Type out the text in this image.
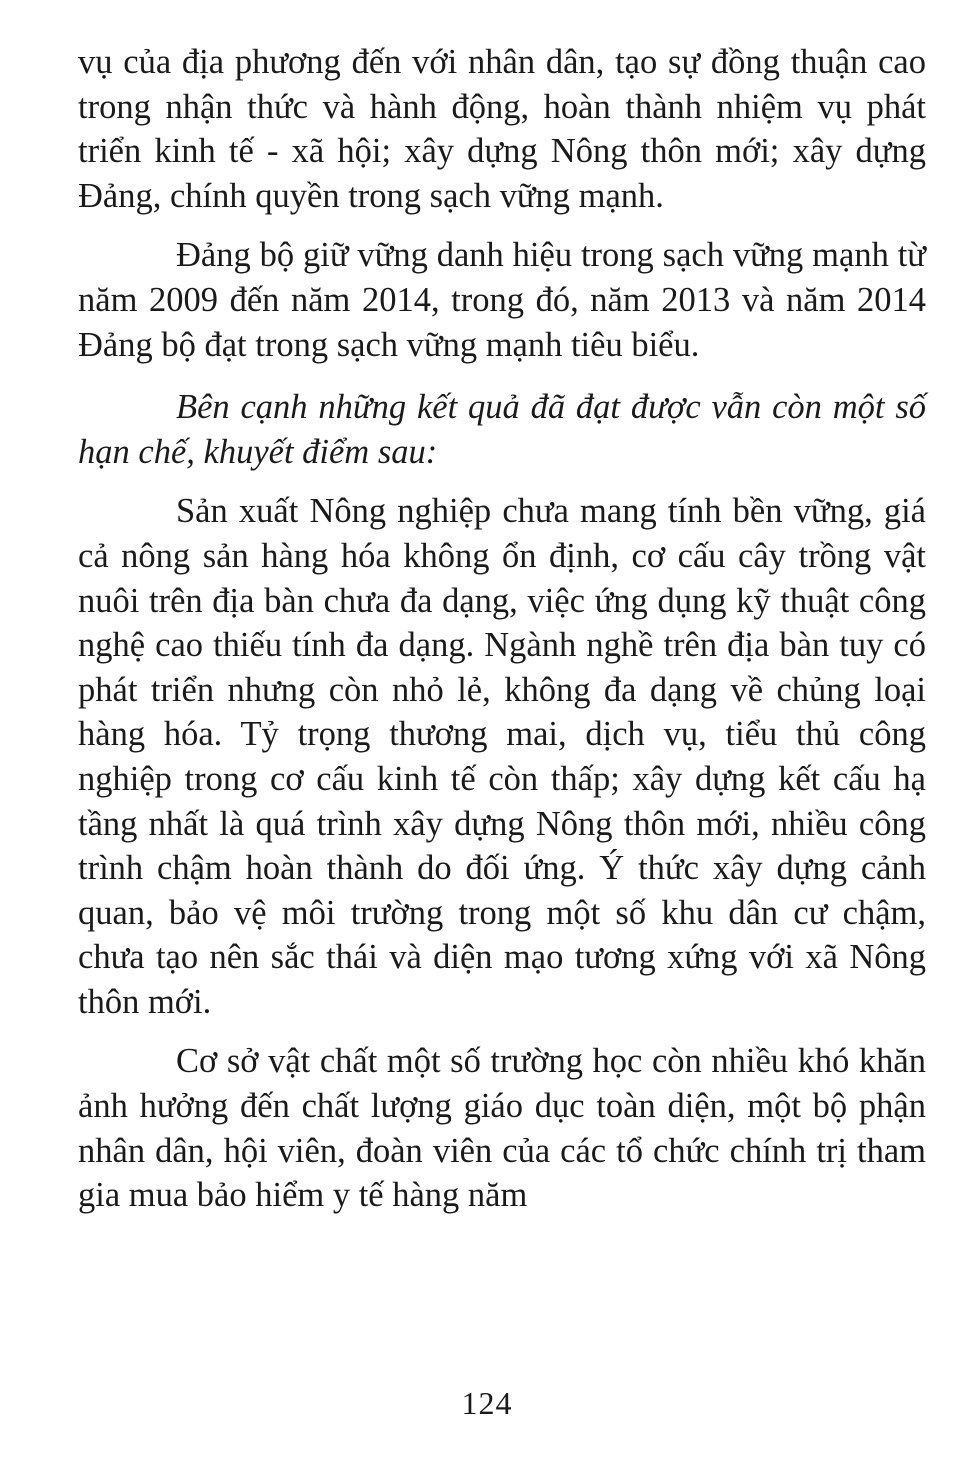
vụ của địa phương đến với nhân dân, tạo sự đồng thuận cao trong nhận thức và hành động, hoàn thành nhiệm vụ phát triển kinh tế - xã hội; xây dựng Nông thôn mới; xây dựng Đảng, chính quyền trong sạch vững mạnh.

Đảng bộ giữ vững danh hiệu trong sạch vững mạnh từ năm 2009 đến năm 2014, trong đó, năm 2013 và năm 2014 Đảng bộ đạt trong sạch vững mạnh tiêu biểu.

Bên cạnh những kết quả đã đạt được vẫn còn một số hạn chế, khuyết điểm sau:

Sản xuất Nông nghiệp chưa mang tính bền vững, giá cả nông sản hàng hóa không ổn định, cơ cấu cây trồng vật nuôi trên địa bàn chưa đa dạng, việc ứng dụng kỹ thuật công nghệ cao thiếu tính đa dạng. Ngành nghề trên địa bàn tuy có phát triển nhưng còn nhỏ lẻ, không đa dạng về chủng loại hàng hóa. Tỷ trọng thương mai, dịch vụ, tiểu thủ công nghiệp trong cơ cấu kinh tế còn thấp; xây dựng kết cấu hạ tầng nhất là quá trình xây dựng Nông thôn mới, nhiều công trình chậm hoàn thành do đối ứng. Ý thức xây dựng cảnh quan, bảo vệ môi trường trong một số khu dân cư chậm, chưa tạo nên sắc thái và diện mạo tương xứng với xã Nông thôn mới.

Cơ sở vật chất một số trường học còn nhiều khó khăn ảnh hưởng đến chất lượng giáo dục toàn diện, một bộ phận nhân dân, hội viên, đoàn viên của các tổ chức chính trị tham gia mua bảo hiểm y tế hàng năm

124
